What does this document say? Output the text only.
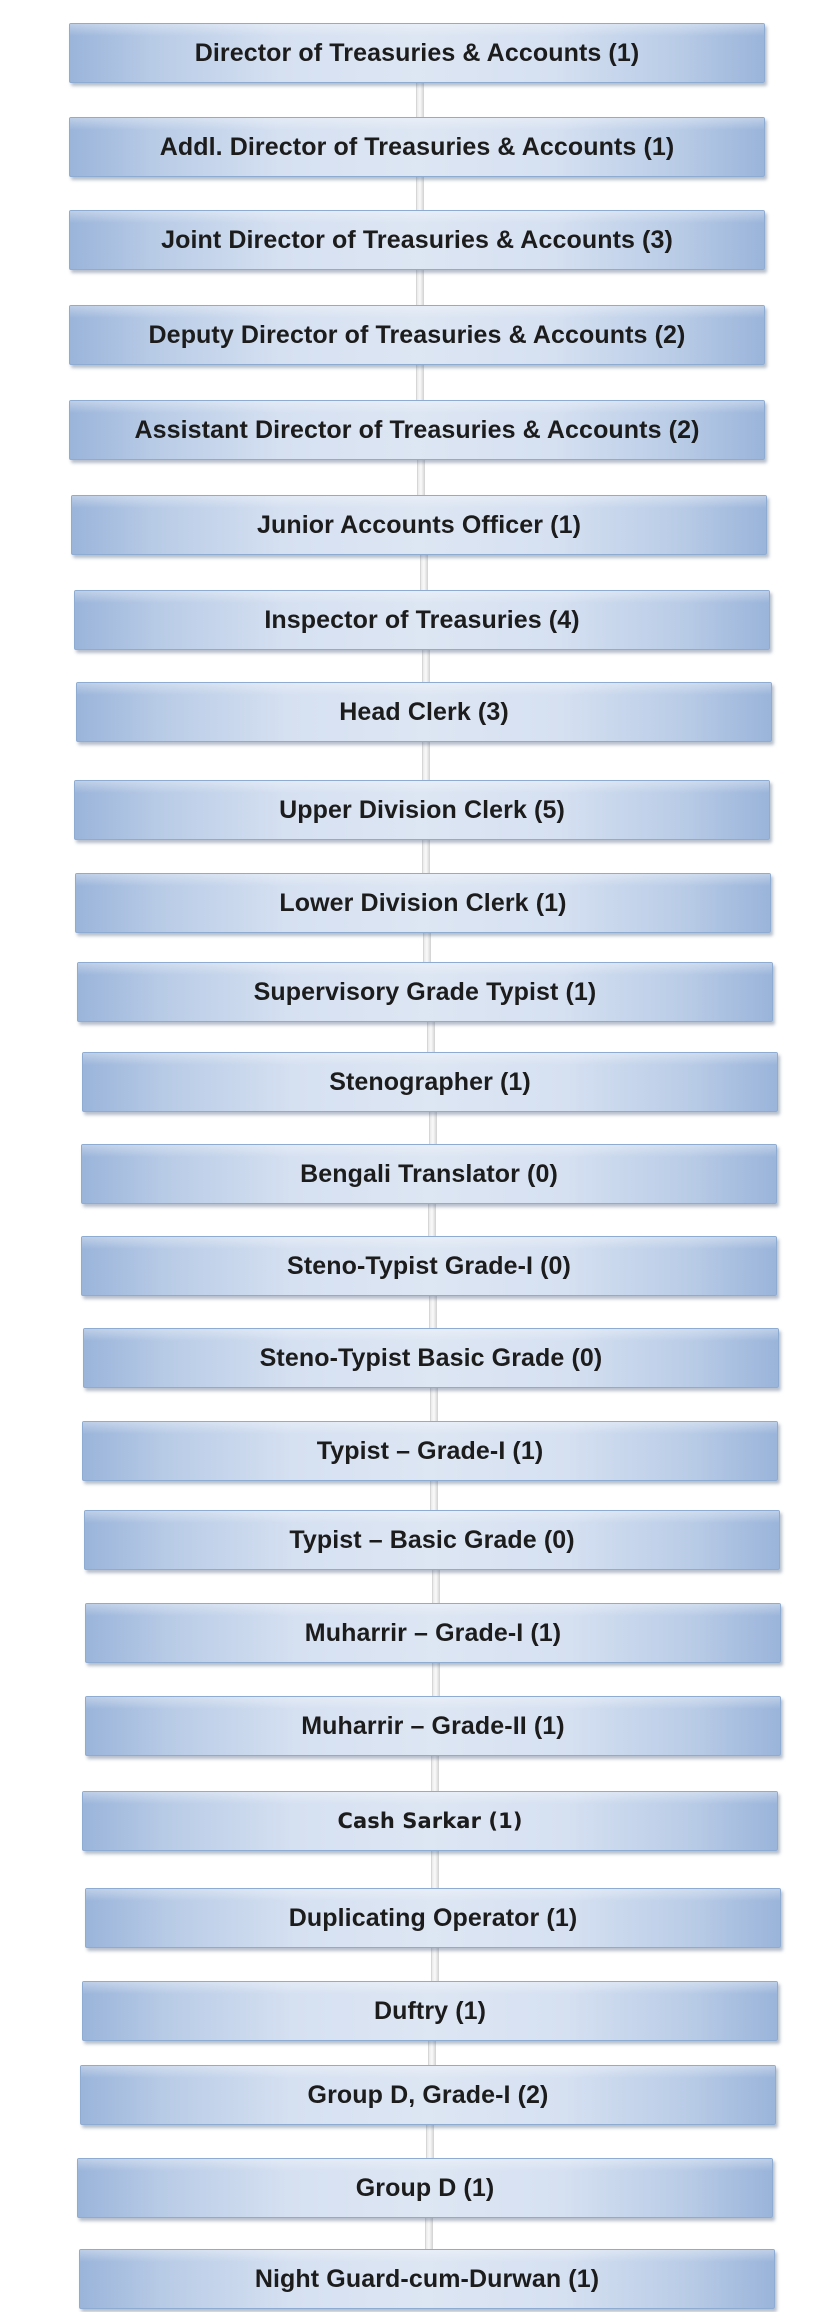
Director of Treasuries & Accounts (1)
Addl. Director of Treasuries & Accounts (1)
Joint Director of Treasuries & Accounts (3)
Deputy Director of Treasuries & Accounts (2)
Assistant Director of Treasuries & Accounts (2)
Junior Accounts Officer (1)
Inspector of Treasuries (4)
Head Clerk (3)
Upper Division Clerk (5)
Lower Division Clerk (1)
Supervisory Grade Typist (1)
Stenographer (1)
Bengali Translator (0)
Steno-Typist Grade-I (0)
Steno-Typist Basic Grade (0)
Typist – Grade-I (1)
Typist – Basic Grade (0)
Muharrir – Grade-I (1)
Muharrir – Grade-II (1)
Cash Sarkar (1)
Duplicating Operator (1)
Duftry (1)
Group D, Grade-I (2)
Group D (1)
Night Guard-cum-Durwan (1)
